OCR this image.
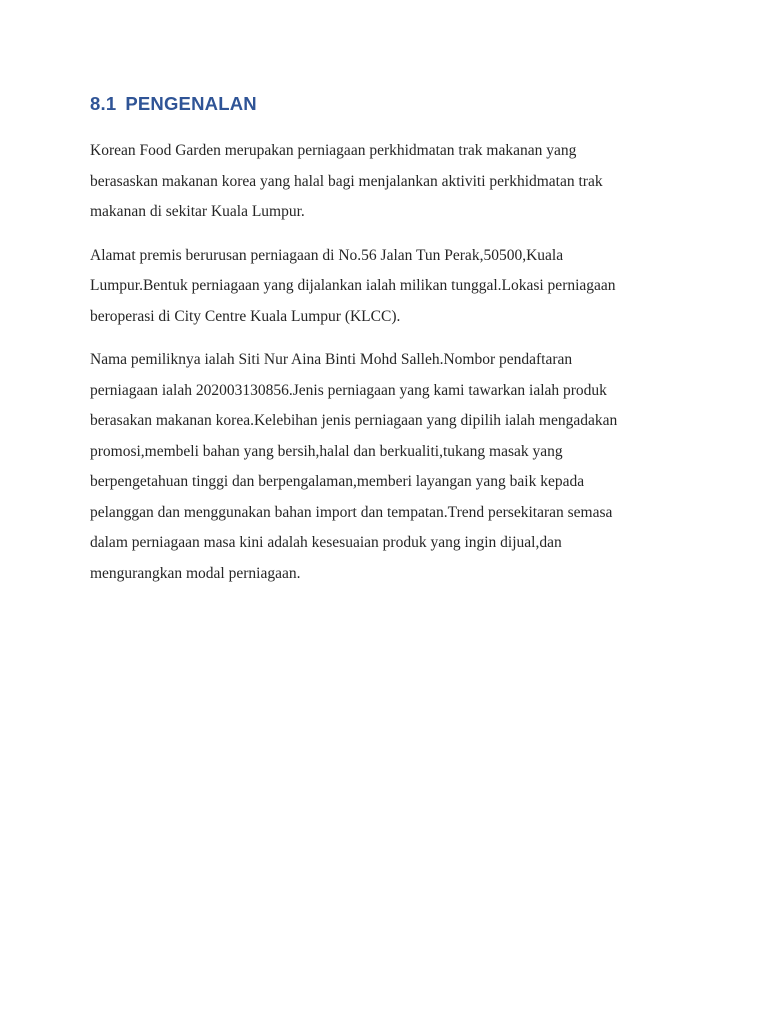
8.1 PENGENALAN

Korean Food Garden merupakan perniagaan perkhidmatan trak makanan yang
berasaskan makanan korea yang halal bagi menjalankan aktiviti perkhidmatan trak
makanan di sekitar Kuala Lumpur.

Alamat premis berurusan perniagaan di No.56 Jalan Tun Perak,50500,Kuala
Lumpur.Bentuk perniagaan yang dijalankan ialah milikan tunggal.Lokasi perniagaan
beroperasi di City Centre Kuala Lumpur (KLCC).

Nama pemiliknya ialah Siti Nur Aina Binti Mohd Salleh.Nombor pendaftaran
perniagaan ialah 202003130856.Jenis perniagaan yang kami tawarkan ialah produk
berasakan makanan korea.Kelebihan jenis perniagaan yang dipilih ialah mengadakan
promosi,membeli bahan yang bersih,halal dan berkualiti,tukang masak yang
berpengetahuan tinggi dan berpengalaman,memberi layangan yang baik kepada
pelanggan dan menggunakan bahan import dan tempatan.Trend persekitaran semasa
dalam perniagaan masa kini adalah kesesuaian produk yang ingin dijual,dan
mengurangkan modal perniagaan.
